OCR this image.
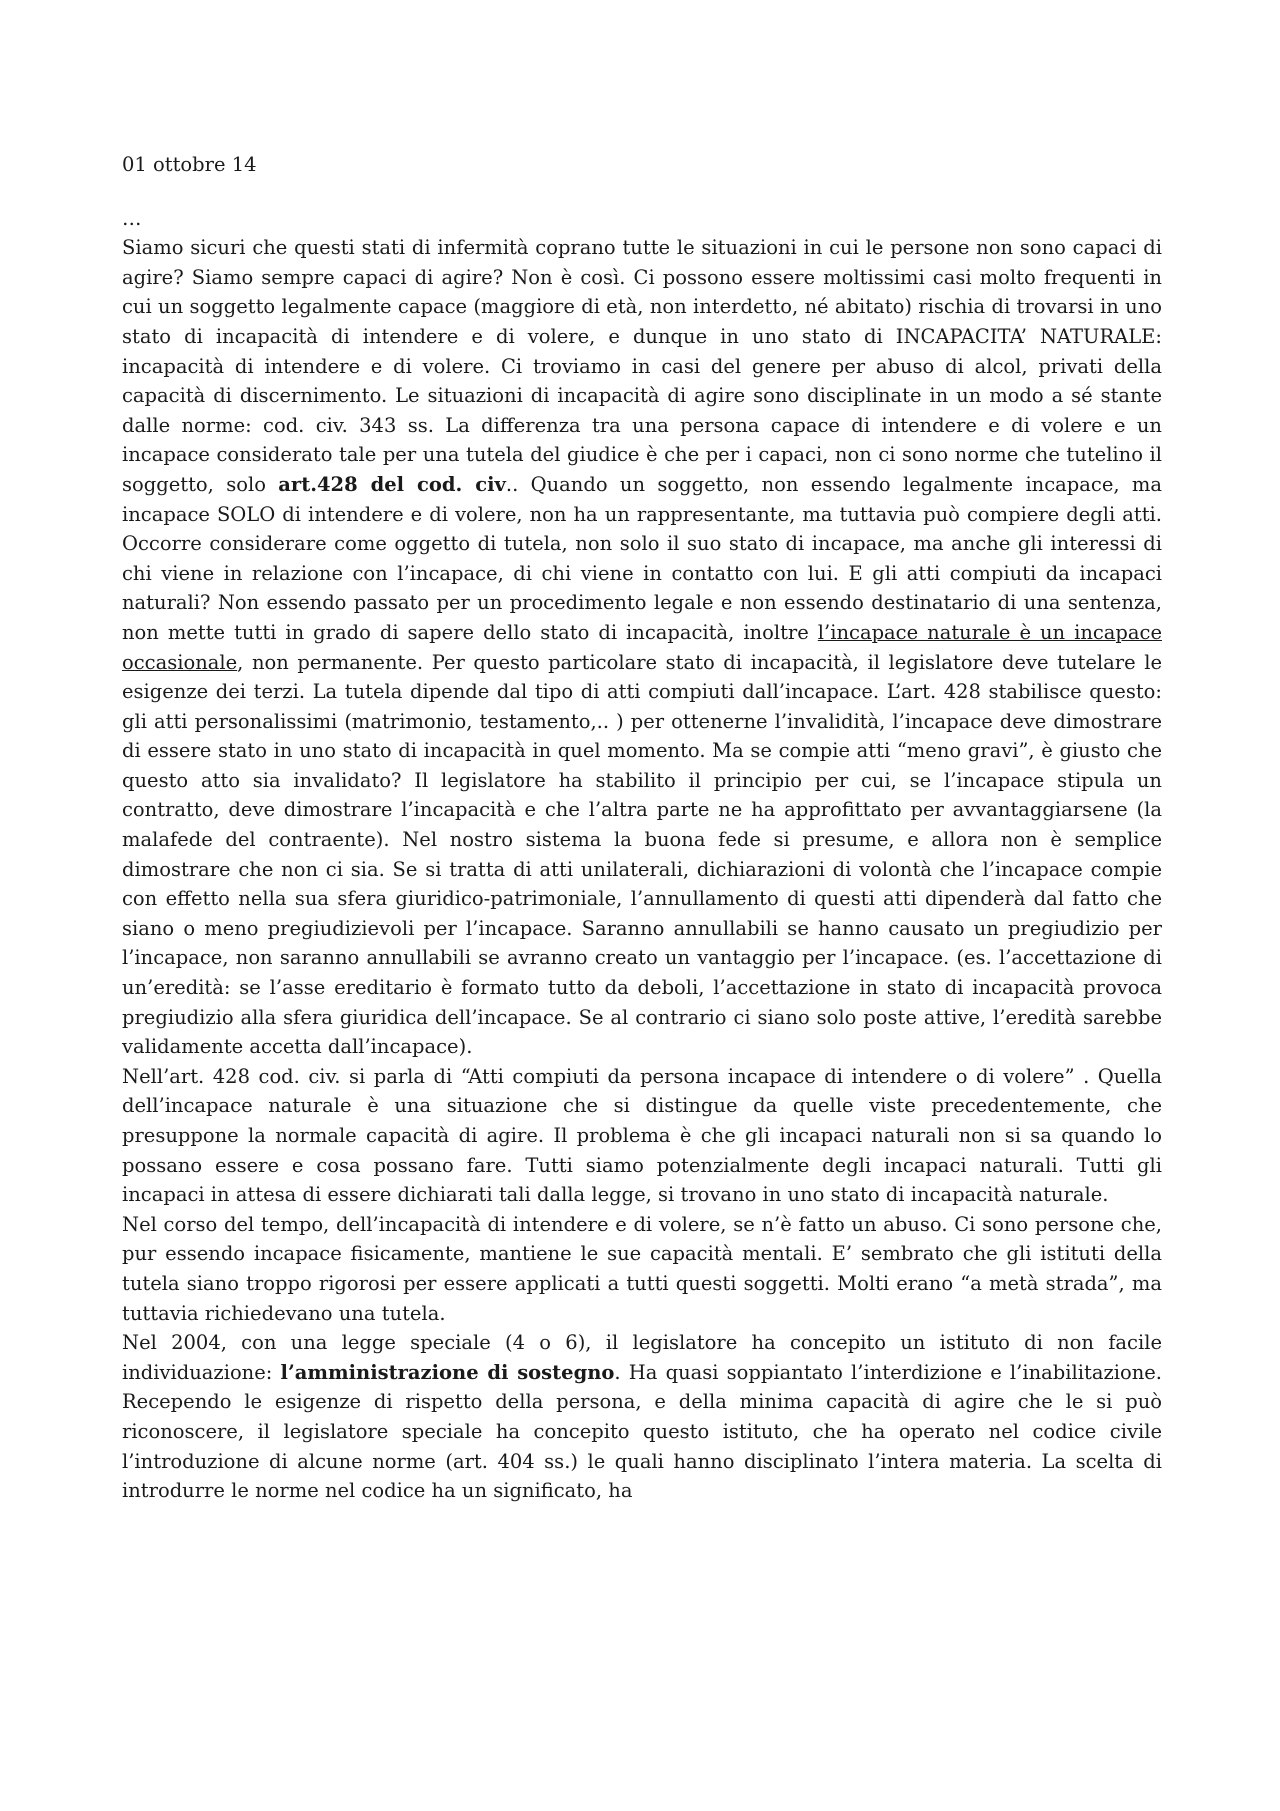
01 ottobre 14

…

Siamo sicuri che questi stati di infermità coprano tutte le situazioni in cui le persone non sono capaci di agire? Siamo sempre capaci di agire? Non è così. Ci possono essere moltissimi casi molto frequenti in cui un soggetto legalmente capace (maggiore di età, non interdetto, né abitato) rischia di trovarsi in uno stato di incapacità di intendere e di volere, e dunque in uno stato di INCAPACITA’ NATURALE: incapacità di intendere e di volere. Ci troviamo in casi del genere per abuso di alcol, privati della capacità di discernimento. Le situazioni di incapacità di agire sono disciplinate in un modo a sé stante dalle norme: cod. civ. 343 ss. La differenza tra una persona capace di intendere e di volere e un incapace considerato tale per una tutela del giudice è che per i capaci, non ci sono norme che tutelino il soggetto, solo art.428 del cod. civ.. Quando un soggetto, non essendo legalmente incapace, ma incapace SOLO di intendere e di volere, non ha un rappresentante, ma tuttavia può compiere degli atti. Occorre considerare come oggetto di tutela, non solo il suo stato di incapace, ma anche gli interessi di chi viene in relazione con l’incapace, di chi viene in contatto con lui. E gli atti compiuti da incapaci naturali? Non essendo passato per un procedimento legale e non essendo destinatario di una sentenza, non mette tutti in grado di sapere dello stato di incapacità, inoltre l’incapace naturale è un incapace occasionale, non permanente. Per questo particolare stato di incapacità, il legislatore deve tutelare le esigenze dei terzi. La tutela dipende dal tipo di atti compiuti dall’incapace. L’art. 428 stabilisce questo: gli atti personalissimi (matrimonio, testamento,.. ) per ottenerne l’invalidità, l’incapace deve dimostrare di essere stato in uno stato di incapacità in quel momento. Ma se compie atti “meno gravi”, è giusto che questo atto sia invalidato? Il legislatore ha stabilito il principio per cui, se l’incapace stipula un contratto, deve dimostrare l’incapacità e che l’altra parte ne ha approfittato per avvantaggiarsene (la malafede del contraente). Nel nostro sistema la buona fede si presume, e allora non è semplice dimostrare che non ci sia. Se si tratta di atti unilaterali, dichiarazioni di volontà che l’incapace compie con effetto nella sua sfera giuridico-patrimoniale, l’annullamento di questi atti dipenderà dal fatto che siano o meno pregiudizievoli per l’incapace. Saranno annullabili se hanno causato un pregiudizio per l’incapace, non saranno annullabili se avranno creato un vantaggio per l’incapace. (es. l’accettazione di un’eredità: se l’asse ereditario è formato tutto da deboli, l’accettazione in stato di incapacità provoca pregiudizio alla sfera giuridica dell’incapace. Se al contrario ci siano solo poste attive, l’eredità sarebbe validamente accetta dall’incapace).

Nell’art. 428 cod. civ. si parla di “Atti compiuti da persona incapace di intendere o di volere” . Quella dell’incapace naturale è una situazione che si distingue da quelle viste precedentemente, che presuppone la normale capacità di agire. Il problema è che gli incapaci naturali non si sa quando lo possano essere e cosa possano fare. Tutti siamo potenzialmente degli incapaci naturali. Tutti gli incapaci in attesa di essere dichiarati tali dalla legge, si trovano in uno stato di incapacità naturale.

Nel corso del tempo, dell’incapacità di intendere e di volere, se n’è fatto un abuso. Ci sono persone che, pur essendo incapace fisicamente, mantiene le sue capacità mentali. E’ sembrato che gli istituti della tutela siano troppo rigorosi per essere applicati a tutti questi soggetti. Molti erano “a metà strada”, ma tuttavia richiedevano una tutela.

Nel 2004, con una legge speciale (4 o 6), il legislatore ha concepito un istituto di non facile individuazione: l’amministrazione di sostegno. Ha quasi soppiantato l’interdizione e l’inabilitazione. Recependo le esigenze di rispetto della persona, e della minima capacità di agire che le si può riconoscere, il legislatore speciale ha concepito questo istituto, che ha operato nel codice civile l’introduzione di alcune norme (art. 404 ss.) le quali hanno disciplinato l’intera materia. La scelta di introdurre le norme nel codice ha un significato, ha
